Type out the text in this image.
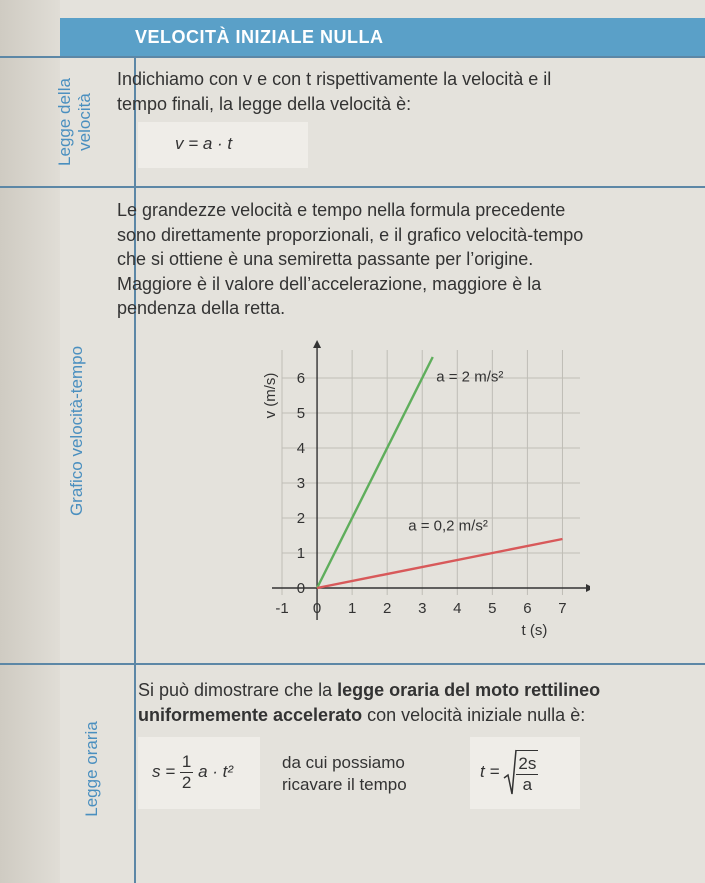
VELOCITÀ INIZIALE NULLA
Legge della velocità
Indichiamo con v e con t rispettivamente la velocità e il
tempo finali, la legge della velocità è:
v = a · t
Grafico velocità-tempo
Le grandezze velocità e tempo nella formula precedente
sono direttamente proporzionali, e il grafico velocità-tempo
che si ottiene è una semiretta passante per l’origine.
Maggiore è il valore dell’accelerazione, maggiore è la
pendenza della retta.
-1 0 1 2 3 4 5 6 7
0
1
2
3
4
5
6
t (s)
v (m/s)	a = 2 m/s²
a = 0,2 m/s²
Legge oraria
Si può dimostrare che la legge oraria del moto rettilineo
uniformemente accelerato con velocità iniziale nulla è:
$s = \frac{1}{2}$ a · t²	da cui possiamo
ricavare il tempo
$t = \frac{2s}{a}$
